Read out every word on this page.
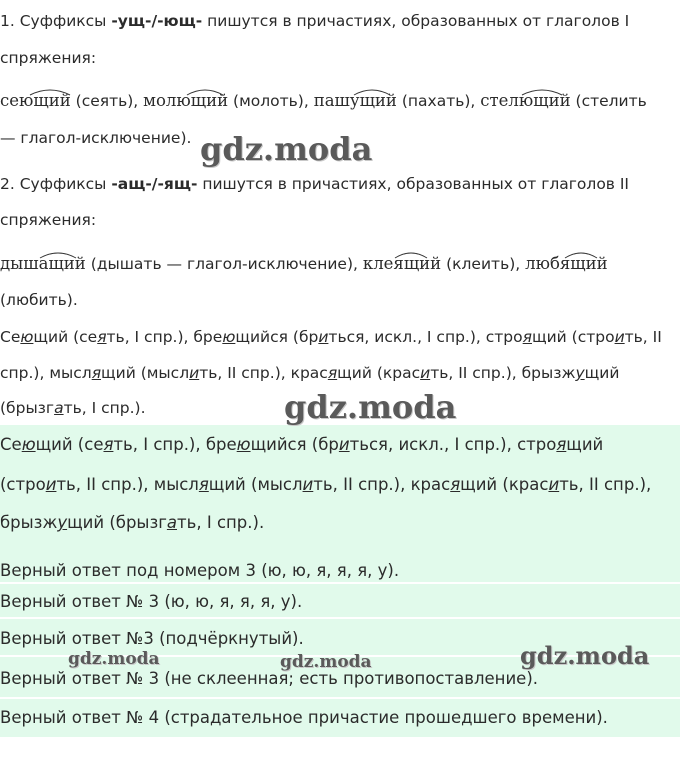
1. Суффиксы -ущ-/-ющ- пишутся в причастиях, образованных от глаголов I
спряжения:
сеющий
(сеять), молющий
(молоть), пашущий
(пахать), стелющий
(стелить
— глагол-исключение).
2. Суффиксы -ащ-/-ящ- пишутся в причастиях, образованных от глаголов II
спряжения:
дышащий
(дышать — глагол-исключение), клеящий
(клеить), любящий
(любить).
Сеющий (сеять, I спр.), бреющийся (бриться, искл., I спр.), строящий (строить, II
спр.), мыслящий (мыслить, II спр.), красящий (красить, II спр.), брызжущий
(брызгать, I спр.).
Сеющий (сеять, I спр.), бреющийся (бриться, искл., I спр.), строящий
(строить, II спр.), мыслящий (мыслить, II спр.), красящий (красить, II спр.),
брызжущий (брызгать, I спр.).
Верный ответ под номером 3 (ю, ю, я, я, я, у).
Верный ответ № 3 (ю, ю, я, я, я, у).
Верный ответ №3 (подчёркнутый).
Верный ответ № 3 (не склеенная; есть противопоставление).
Верный ответ № 4 (страдательное причастие прошедшего времени).
gdz.moda
gdz.moda
gdz.moda	gdz.moda	gdz.moda
